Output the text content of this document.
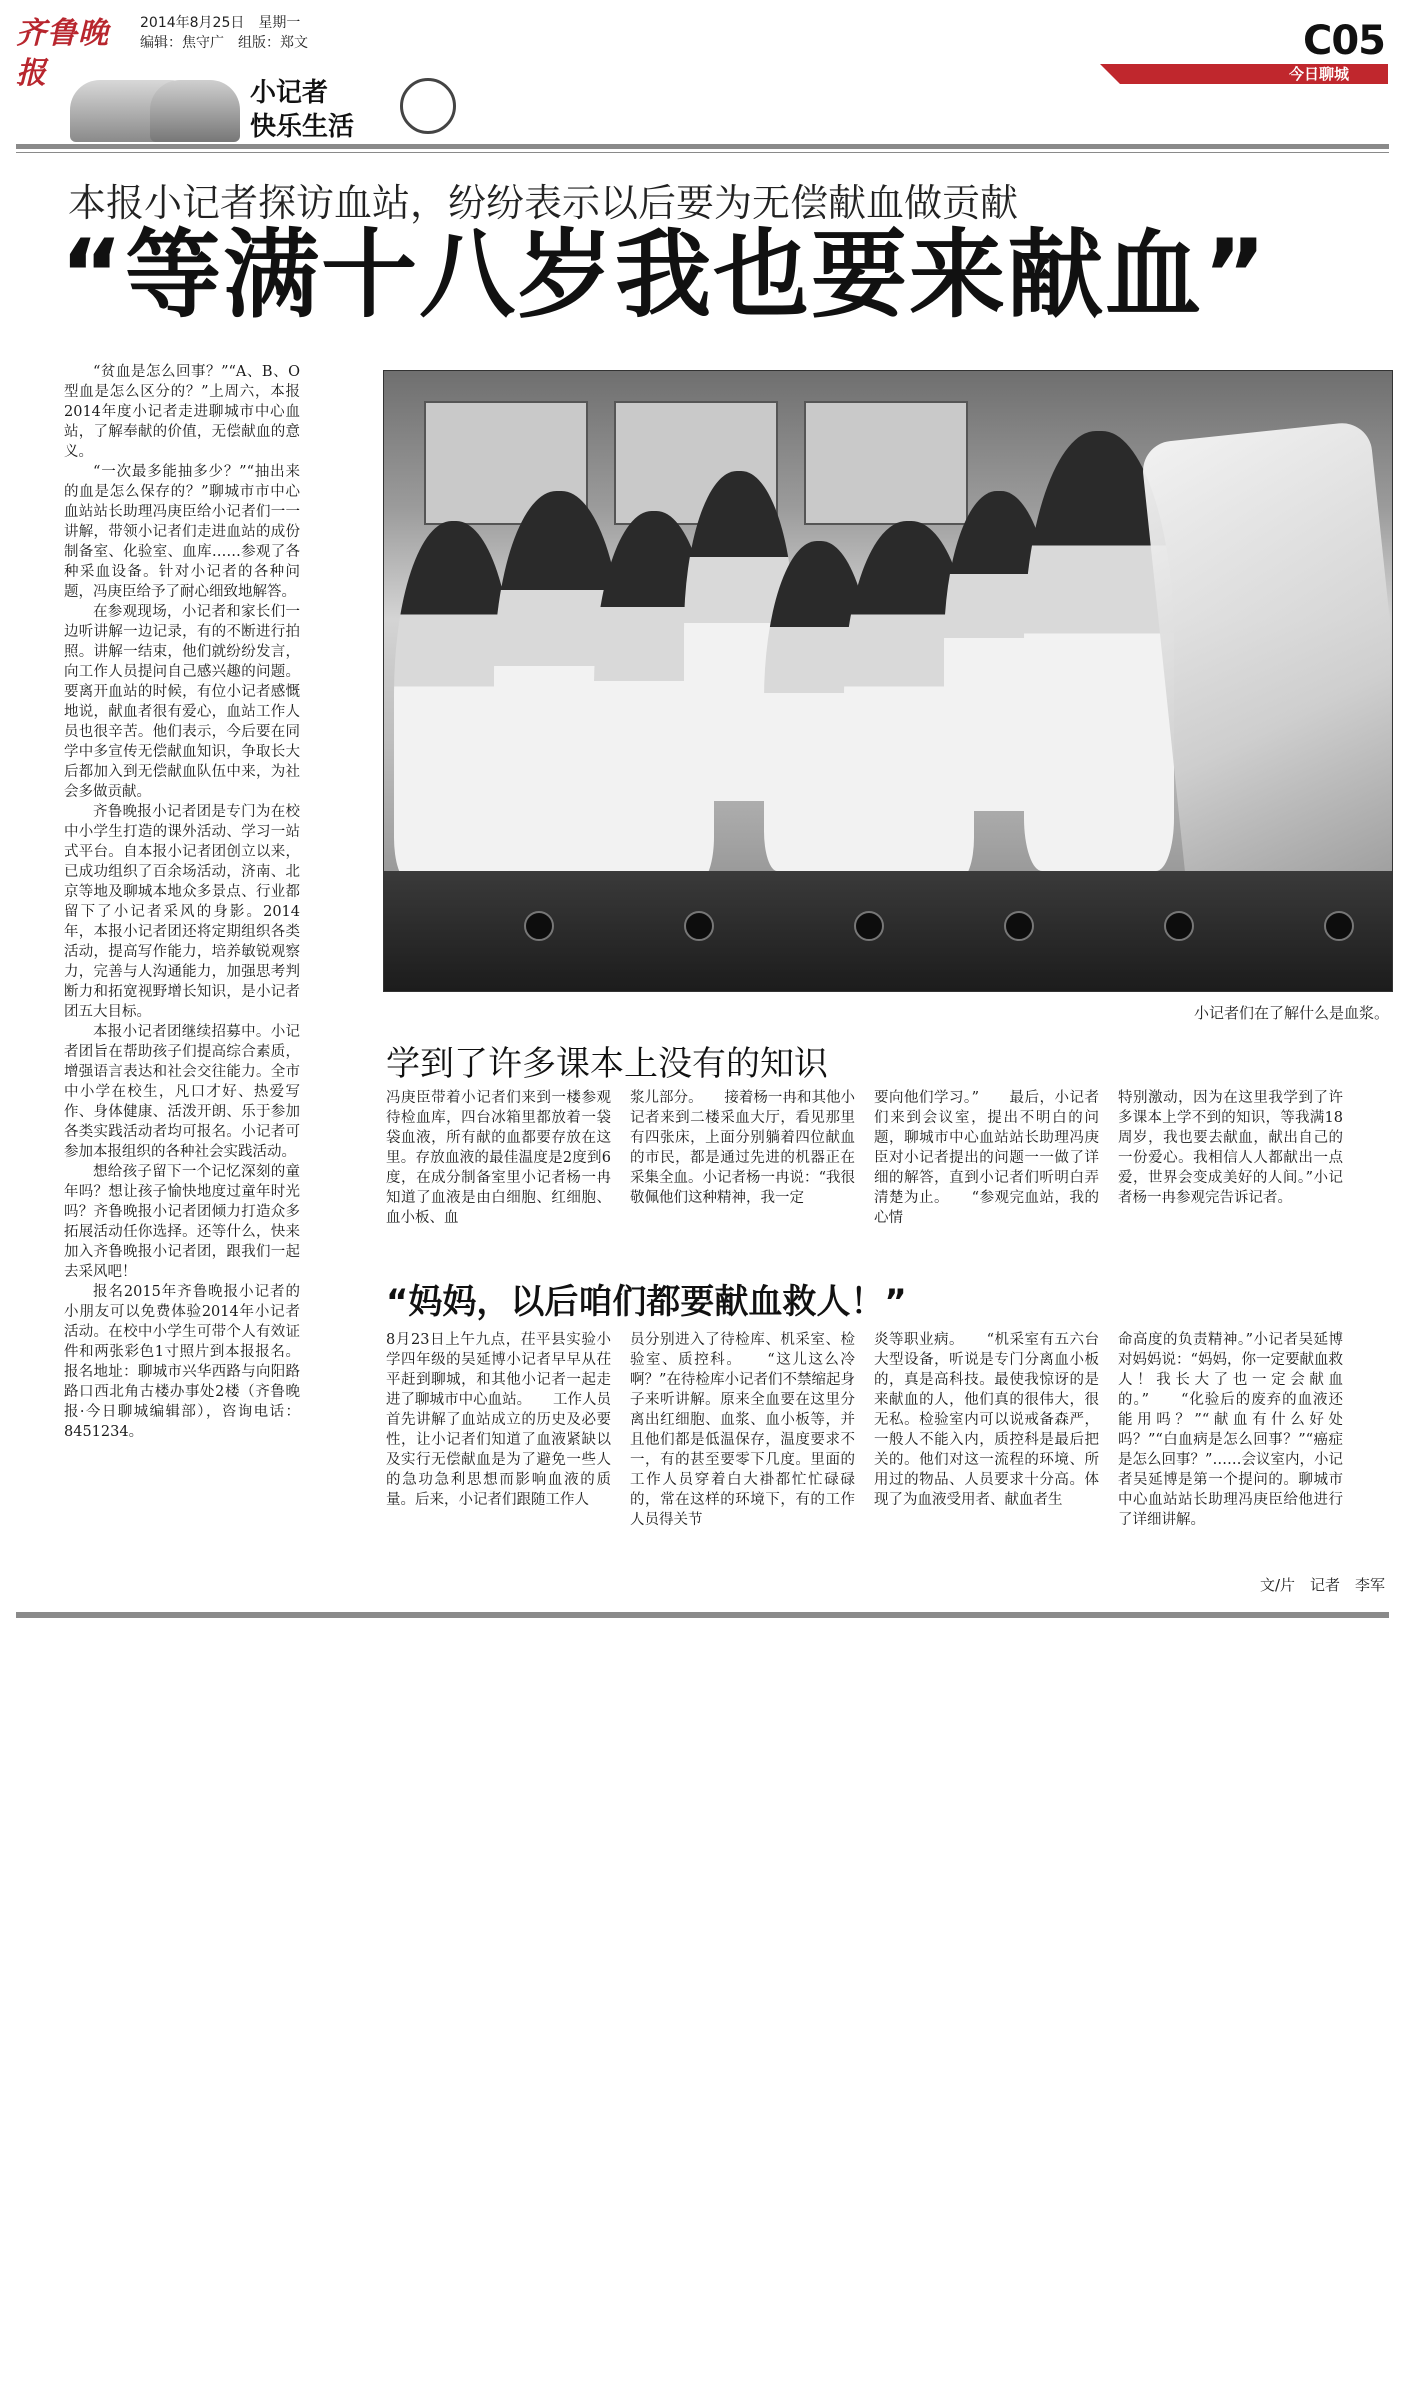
齐鲁晚报
2014年8月25日　星期一
编辑：焦守广　组版：郑文	C05
今日聊城
小记者
快乐生活
本报小记者探访血站，纷纷表示以后要为无偿献血做贡献
“等满十八岁我也要来献血”

“贫血是怎么回事？”“A、B、O型血是怎么区分的？”上周六，本报2014年度小记者走进聊城市中心血站，了解奉献的价值，无偿献血的意义。

“一次最多能抽多少？”“抽出来的血是怎么保存的？”聊城市市中心血站站长助理冯庚臣给小记者们一一讲解，带领小记者们走进血站的成份制备室、化验室、血库……参观了各种采血设备。针对小记者的各种问题，冯庚臣给予了耐心细致地解答。

在参观现场，小记者和家长们一边听讲解一边记录，有的不断进行拍照。讲解一结束，他们就纷纷发言，向工作人员提问自己感兴趣的问题。要离开血站的时候，有位小记者感慨地说，献血者很有爱心，血站工作人员也很辛苦。他们表示，今后要在同学中多宣传无偿献血知识，争取长大后都加入到无偿献血队伍中来，为社会多做贡献。

齐鲁晚报小记者团是专门为在校中小学生打造的课外活动、学习一站式平台。自本报小记者团创立以来，已成功组织了百余场活动，济南、北京等地及聊城本地众多景点、行业都留下了小记者采风的身影。2014年，本报小记者团还将定期组织各类活动，提高写作能力，培养敏锐观察力，完善与人沟通能力，加强思考判断力和拓宽视野增长知识，是小记者团五大目标。

本报小记者团继续招募中。小记者团旨在帮助孩子们提高综合素质，增强语言表达和社会交往能力。全市中小学在校生，凡口才好、热爱写作、身体健康、活泼开朗、乐于参加各类实践活动者均可报名。小记者可参加本报组织的各种社会实践活动。

想给孩子留下一个记忆深刻的童年吗？想让孩子愉快地度过童年时光吗？齐鲁晚报小记者团倾力打造众多拓展活动任你选择。还等什么，快来加入齐鲁晚报小记者团，跟我们一起去采风吧！

报名2015年齐鲁晚报小记者的小朋友可以免费体验2014年小记者活动。在校中小学生可带个人有效证件和两张彩色1寸照片到本报报名。报名地址：聊城市兴华西路与向阳路路口西北角古楼办事处2楼（齐鲁晚报·今日聊城编辑部），咨询电话：8451234。

小记者们在了解什么是血浆。
学到了许多课本上没有的知识
冯庚臣带着小记者们来到一楼参观待检血库，四台冰箱里都放着一袋袋血液，所有献的血都要存放在这里。存放血液的最佳温度是2度到6度，在成分制备室里小记者杨一冉知道了血液是由白细胞、红细胞、血小板、血
浆儿部分。　　接着杨一冉和其他小记者来到二楼采血大厅，看见那里有四张床，上面分别躺着四位献血的市民，都是通过先进的机器正在采集全血。小记者杨一冉说：“我很敬佩他们这种精神，我一定
要向他们学习。”　　最后，小记者们来到会议室，提出不明白的问题，聊城市中心血站站长助理冯庚臣对小记者提出的问题一一做了详细的解答，直到小记者们听明白弄清楚为止。　　“参观完血站，我的心情
特别激动，因为在这里我学到了许多课本上学不到的知识，等我满18周岁，我也要去献血，献出自己的一份爱心。我相信人人都献出一点爱，世界会变成美好的人间。”小记者杨一冉参观完告诉记者。
“妈妈，以后咱们都要献血救人！”
8月23日上午九点，茌平县实验小学四年级的吴延博小记者早早从茌平赶到聊城，和其他小记者一起走进了聊城市中心血站。　　工作人员首先讲解了血站成立的历史及必要性，让小记者们知道了血液紧缺以及实行无偿献血是为了避免一些人的急功急利思想而影响血液的质量。后来，小记者们跟随工作人
员分别进入了待检库、机采室、检验室、质控科。　　“这儿这么冷啊？”在待检库小记者们不禁缩起身子来听讲解。原来全血要在这里分离出红细胞、血浆、血小板等，并且他们都是低温保存，温度要求不一，有的甚至要零下几度。里面的工作人员穿着白大褂都忙忙碌碌的，常在这样的环境下，有的工作人员得关节
炎等职业病。　　“机采室有五六台大型设备，听说是专门分离血小板的，真是高科技。最使我惊讶的是来献血的人，他们真的很伟大，很无私。检验室内可以说戒备森严，一般人不能入内，质控科是最后把关的。他们对这一流程的环境、所用过的物品、人员要求十分高。体现了为血液受用者、献血者生
命高度的负责精神。”小记者吴延博对妈妈说：“妈妈，你一定要献血救人！我长大了也一定会献血的。”　　“化验后的废弃的血液还能用吗？”“献血有什么好处吗？”“白血病是怎么回事？”“癌症是怎么回事？”……会议室内，小记者吴延博是第一个提问的。聊城市中心血站站长助理冯庚臣给他进行了详细讲解。
文/片　记者　李军
